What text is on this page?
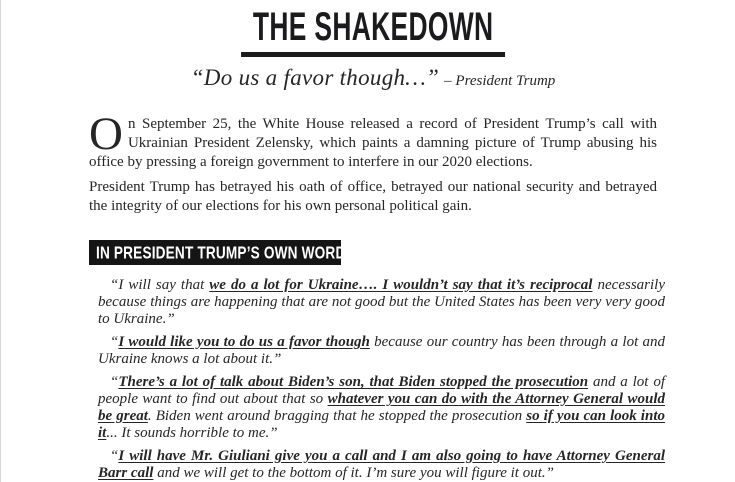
THE SHAKEDOWN

“Do us a favor though…” – President Trump

On September 25, the White House released a record of President Trump’s call with Ukrainian President Zelensky, which paints a damning picture of Trump abusing his office by pressing a foreign government to interfere in our 2020 elections.

President Trump has betrayed his oath of office, betrayed our national security and betrayed the integrity of our elections for his own personal political gain.

IN PRESIDENT TRUMP’S OWN WORDS:

“I will say that we do a lot for Ukraine…. I wouldn’t say that it’s reciprocal necessarily because things are happening that are not good but the United States has been very very good to Ukraine.”

“I would like you to do us a favor though because our country has been through a lot and Ukraine knows a lot about it.”

“There’s a lot of talk about Biden’s son, that Biden stopped the prosecution and a lot of people want to find out about that so whatever you can do with the Attorney General would be great. Biden went around bragging that he stopped the prosecution so if you can look into it... It sounds horrible to me.”

“I will have Mr. Giuliani give you a call and I am also going to have Attorney General Barr call and we will get to the bottom of it. I’m sure you will figure it out.”
